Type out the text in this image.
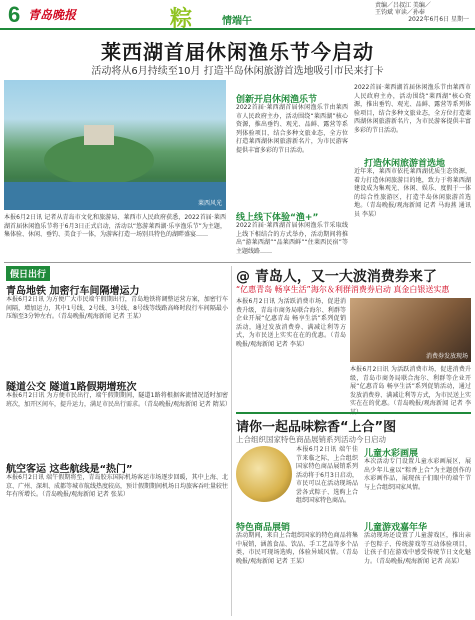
6 青岛晚报	粽	情端午
责编／吕叔江 美编／王钧斌 审读／孙奉
2022年6月6日 星期一
莱西湖首届休闲渔乐节今启动
活动将从6月持续至10月 打造半岛休闲旅游首选地吸引市民来打卡
莱西风光
本报6月2日讯 记者从青岛市文化和旅游局、莱西市人民政府获悉，2022首届·莱西湖首届休闲渔乐节将于6月3日正式启动，活动以“悠游莱西湖·乐享渔乐节”为主题，集体验、休闲、垂钓、美食于一体，为游客打造一场别具特色的湖畔盛宴……
创新开启休闲渔乐节
2022首届·莱西湖首届休闲渔乐节由莱西市人民政府主办，活动围绕“莱西湖”核心资源，推出垂钓、观光、品鲜、露营等系列体验项目，结合多种文旅业态，全方位打造莱西湖休闲旅游新名片，为市民游客提供丰富多彩的节日活动。
线上线下体验“渔+”
2022首届·莱西湖首届休闲渔乐节采取线上线下相结合的方式举办，活动期间将推出“游莱西湖”“品莱西鲜”“住莱西民宿”等主题线路……
2022首届·莱西湖首届休闲渔乐节由莱西市人民政府主办，活动围绕“莱西湖”核心资源，推出垂钓、观光、品鲜、露营等系列体验项目，结合多种文旅业态，全方位打造莱西湖休闲旅游新名片，为市民游客提供丰富多彩的节日活动。
打造休闲旅游首选地
近年来，莱西市依托莱西湖优质生态资源，着力打造休闲旅游目的地，致力于将莱西湖建设成为集观光、休闲、娱乐、度假于一体的综合性旅游区，打造半岛休闲旅游首选地。（青岛晚报/观海新闻 记者 马海燕 通讯员 李某）
假日出行
青岛地铁 加密行车间隔增运力
本报6月2日讯 为方便广大市民端午假期出行，青岛地铁将调整运营方案，加密行车间隔，增加运力，其中1号线、2号线、3号线、8号线等线路高峰时段行车间隔最小压缩至3分钟左右。（青岛晚报/观海新闻 记者 王某）
隧道公交 隧道1路假期增班次
本报6月2日讯 为方便市民出行，端午假期期间，隧道1路将根据客流情况适时加密班次，加开区间车，提升运力，满足市民出行需求。（青岛晚报/观海新闻 记者 隋某）
航空客运 这些航线是“热门”
本报6月2日讯 端午假期将至，青岛胶东国际机场客运市场逐步回暖，其中上海、北京、广州、深圳、成都等城市航线热度较高，预计假期期间机场日均旅客吞吐量较往年有所增长。（青岛晚报/观海新闻 记者 张某）
@ 青岛人，又一大波消费券来了
“亿惠青岛 畅享生活”海尔＆利群消费券启动 真金白银送实惠
本报6月2日讯 为活跃消费市场，促进消费升级，青岛市商务局联合海尔、利群等企业开展“亿惠青岛 畅享生活”系列促销活动，通过发放消费券、满减让利等方式，为市民送上实实在在的优惠。（青岛晚报/观海新闻 记者 李某）
消费券发放现场
本报6月2日讯 为活跃消费市场，促进消费升级，青岛市商务局联合海尔、利群等企业开展“亿惠青岛 畅享生活”系列促销活动，通过发放消费券、满减让利等方式，为市民送上实实在在的优惠。（青岛晚报/观海新闻 记者 李
请你一起品味粽香“上合”图
上合组织国家特色商品展销系列活动今日启动
本报6月2日讯 端午佳节来临之际，上合组织国家特色商品展销系列活动将于6月3日启动，市民可以在活动现场品尝各式粽子、选购上合组织国家特色商品。
特色商品展销
活动期间，来自上合组织国家的特色商品将集中展销，涵盖食品、饮品、手工艺品等多个品类，市民可现场选购，体验异域风情。（青岛晚报/观海新闻 记者 王某）
儿童水彩画展
本次活动专门设置儿童水彩画展区，展出少年儿童以“粽香上合”为主题创作的水彩画作品，展现孩子们眼中的端午节与上合组织国家风情。
儿童游戏嘉年华
活动现场还设置了儿童游戏区，推出亲子包粽子、传统游戏等互动体验项目，让孩子们在游戏中感受传统节日文化魅力。（青岛晚报/观海新闻 记者 高某）
